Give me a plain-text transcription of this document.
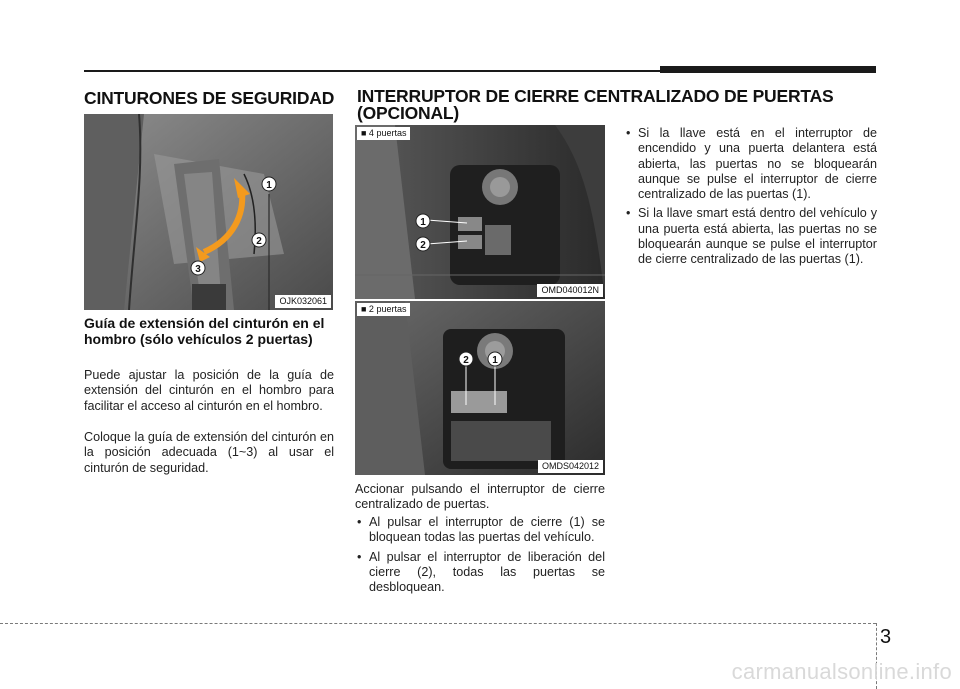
CINTURONES DE SEGURIDAD
1
2
3
OJK032061
Guía de extensión del cinturón en el hombro (sólo vehículos 2 puertas)

Puede ajustar la posición de la guía de extensión del cinturón en el hombro para facilitar el acceso al cinturón en el hombro.

Coloque la guía de extensión del cinturón en la posición adecuada (1~3) al usar el cinturón de seguridad.

INTERRUPTOR DE CIERRE CENTRALIZADO DE PUERTAS
(OPCIONAL)
1
2
■ 4 puertas
OMD040012N
2 1
■ 2 puertas
OMDS042012

Accionar pulsando el interruptor de cierre centralizado de puertas.

• Al pulsar el interruptor de cierre (1) se bloquean todas las puertas del vehículo.
• Al pulsar el interruptor de liberación del cierre (2), todas las puertas se desbloquean.
• Si la llave está en el interruptor de encendido y una puerta delantera está abierta, las puertas no se bloquearán aunque se pulse el interruptor de cierre centralizado de las puertas (1).
• Si la llave smart está dentro del vehículo y una puerta está abierta, las puertas no se bloquearán aunque se pulse el interruptor de cierre centralizado de las puertas (1).
3
carmanualsonline.info
